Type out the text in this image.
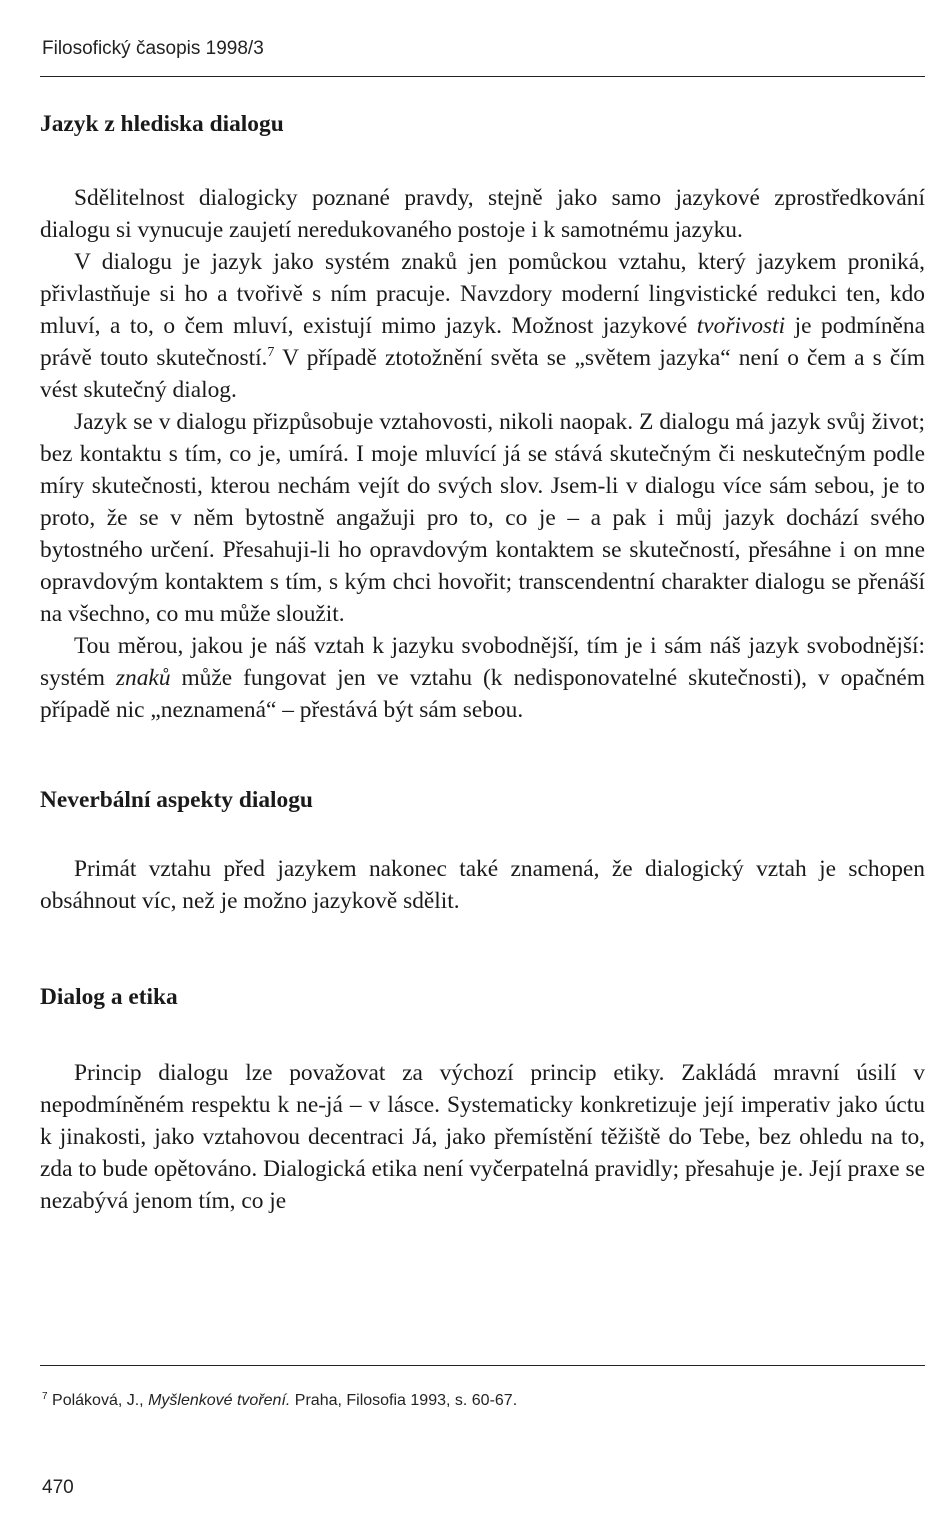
Filosofický časopis 1998/3
Jazyk z hlediska dialogu

Sdělitelnost dialogicky poznané pravdy, stejně jako samo jazykové zprostředkování dialogu si vynucuje zaujetí neredukovaného postoje i k samotnému jazyku.

V dialogu je jazyk jako systém znaků jen pomůckou vztahu, který jazykem proniká, přivlastňuje si ho a tvořivě s ním pracuje. Navzdory moderní lingvistické redukci ten, kdo mluví, a to, o čem mluví, existují mimo jazyk. Možnost jazykové tvořivosti je podmíněna právě touto skutečností.$^7$ V případě ztotožnění světa se „světem jazyka“ není o čem a s čím vést skutečný dialog.

Jazyk se v dialogu přizpůsobuje vztahovosti, nikoli naopak. Z dialogu má jazyk svůj život; bez kontaktu s tím, co je, umírá. I moje mluvící já se stává skutečným či neskutečným podle míry skutečnosti, kterou nechám vejít do svých slov. Jsem-li v dialogu více sám sebou, je to proto, že se v něm bytostně angažuji pro to, co je – a pak i můj jazyk dochází svého bytostného určení. Přesahuji-li ho opravdovým kontaktem se skutečností, přesáhne i on mne opravdovým kontaktem s tím, s kým chci hovořit; transcendentní charakter dialogu se přenáší na všechno, co mu může sloužit.

Tou měrou, jakou je náš vztah k jazyku svobodnější, tím je i sám náš jazyk svobodnější: systém znaků může fungovat jen ve vztahu (k nedisponovatelné skutečnosti), v opačném případě nic „neznamená“ – přestává být sám sebou.

Neverbální aspekty dialogu

Primát vztahu před jazykem nakonec také znamená, že dialogický vztah je schopen obsáhnout víc, než je možno jazykově sdělit.

Dialog a etika

Princip dialogu lze považovat za výchozí princip etiky. Zakládá mravní úsilí v nepodmíněném respektu k ne-já – v lásce. Systematicky konkretizuje její imperativ jako úctu k jinakosti, jako vztahovou decentraci Já, jako přemístění těžiště do Tebe, bez ohledu na to, zda to bude opětováno. Dialogická etika není vyčerpatelná pravidly; přesahuje je. Její praxe se nezabývá jenom tím, co je

$^7$ Poláková, J., Myšlenkové tvoření. Praha, Filosofia 1993, s. 60-67.
470
